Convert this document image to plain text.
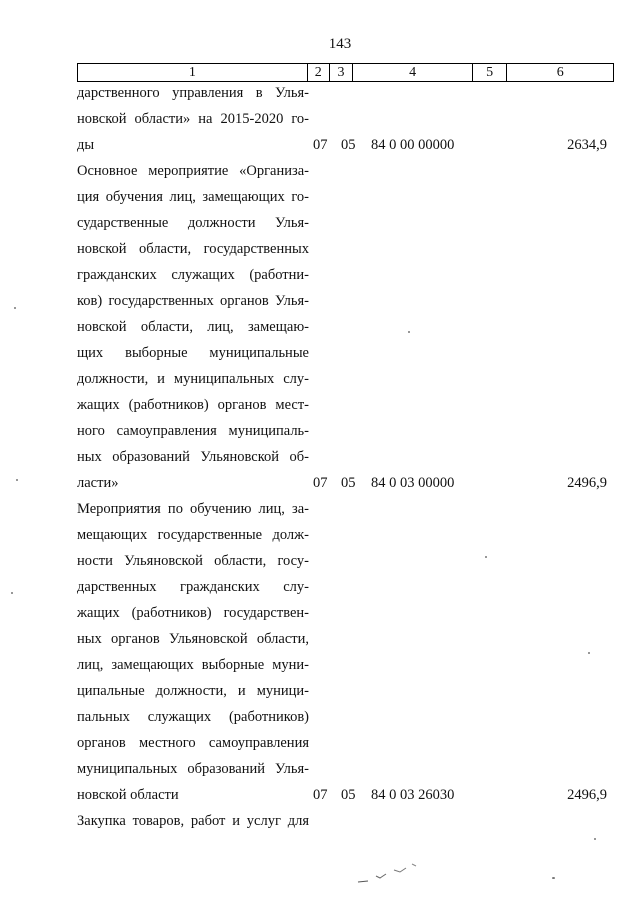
143
1	2	3	4	5	6

дарственного управления в Улья-

новской области» на 2015-2020 го-

ды	07 05 84 0 00 00000	2634,9

Основное мероприятие «Организа-

ция обучения лиц, замещающих го-

сударственные должности Улья-

новской области, государственных

гражданских служащих (работни-

ков) государственных органов Улья-

новской области, лиц, замещаю-

щих выборные муниципальные

должности, и муниципальных слу-

жащих (работников) органов мест-

ного самоуправления муниципаль-

ных образований Ульяновской об-

ласти»	07 05 84 0 03 00000	2496,9

Мероприятия по обучению лиц, за-

мещающих государственные долж-

ности Ульяновской области, госу-

дарственных гражданских слу-

жащих (работников) государствен-

ных органов Ульяновской области,

лиц, замещающих выборные муни-

ципальные должности, и муници-

пальных служащих (работников)

органов местного самоуправления

муниципальных образований Улья-

новской области	07 05 84 0 03 26030	2496,9

Закупка товаров, работ и услуг для
